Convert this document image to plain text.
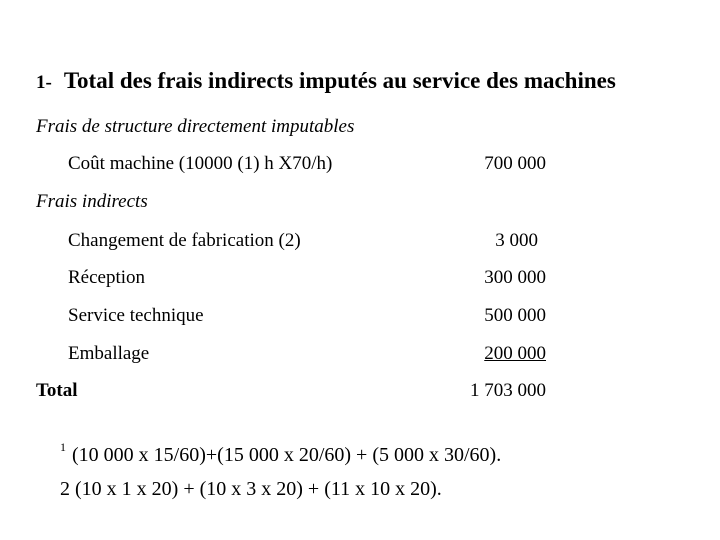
1- Total des frais indirects imputés au service des machines
Frais de structure directement imputables
Coût machine (10000 (1) h X70/h)	700 000
Frais indirects
Changement de fabrication (2)	3 000
Réception	300 000
Service technique	500 000
Emballage	200 000
Total	1 703 000
$^1$ (10 000 x 15/60)+(15 000 x 20/60) + (5 000 x 30/60).
2 (10 x 1 x 20) + (10 x 3 x 20) + (11 x 10 x 20).
